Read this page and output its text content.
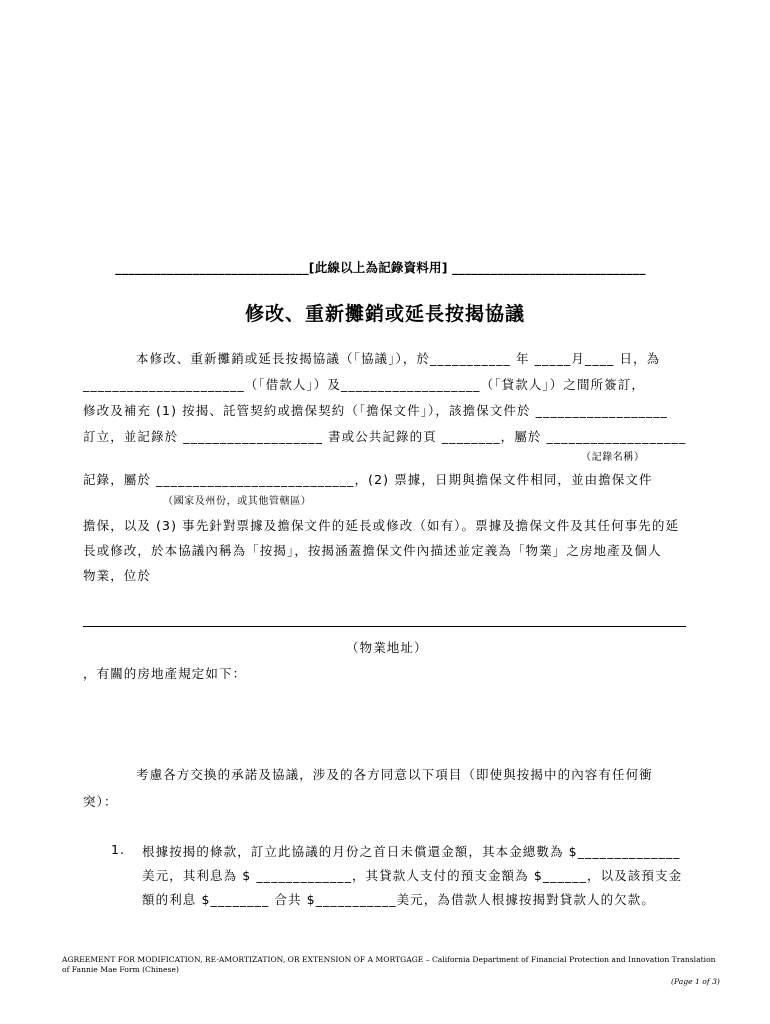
______________________________[此線以上為記錄資料用] ______________________________
修改、重新攤銷或延長按揭協議
本修改、重新攤銷或延長按揭協議（「協議」），於___________ 年 _____月____ 日，為
______________________（「借款人」）及___________________（「貸款人」）之間所簽訂，
修改及補充 (1) 按揭、託管契約或擔保契約（「擔保文件」），該擔保文件於 __________________
訂立，並記錄於 ___________________ 書或公共記錄的頁 ________，屬於 ___________________
（記錄名稱）
記錄，屬於 ___________________________，(2) 票據，日期與擔保文件相同，並由擔保文件
（國家及州份，或其他管轄區）
擔保，以及 (3) 事先針對票據及擔保文件的延長或修改（如有）。票據及擔保文件及其任何事先的延
長或修改，於本協議內稱為「按揭」，按揭涵蓋擔保文件內描述並定義為「物業」之房地產及個人
物業，位於
（物業地址）
，有關的房地產規定如下：
考慮各方交換的承諾及協議，涉及的各方同意以下項目（即使與按揭中的內容有任何衝
突）：
1. 根據按揭的條款，訂立此協議的月份之首日未償還金額，其本金總數為 $______________
美元，其利息為 $ _____________，其貸款人支付的預支金額為 $______，以及該預支金
額的利息 $________ 合共 $___________美元，為借款人根據按揭對貸款人的欠款。
AGREEMENT FOR MODIFICATION, RE-AMORTIZATION, OR EXTENSION OF A MORTGAGE – California Department of Financial Protection and Innovation Translation of Fannie Mae Form (Chinese)
(Page 1 of 3)
